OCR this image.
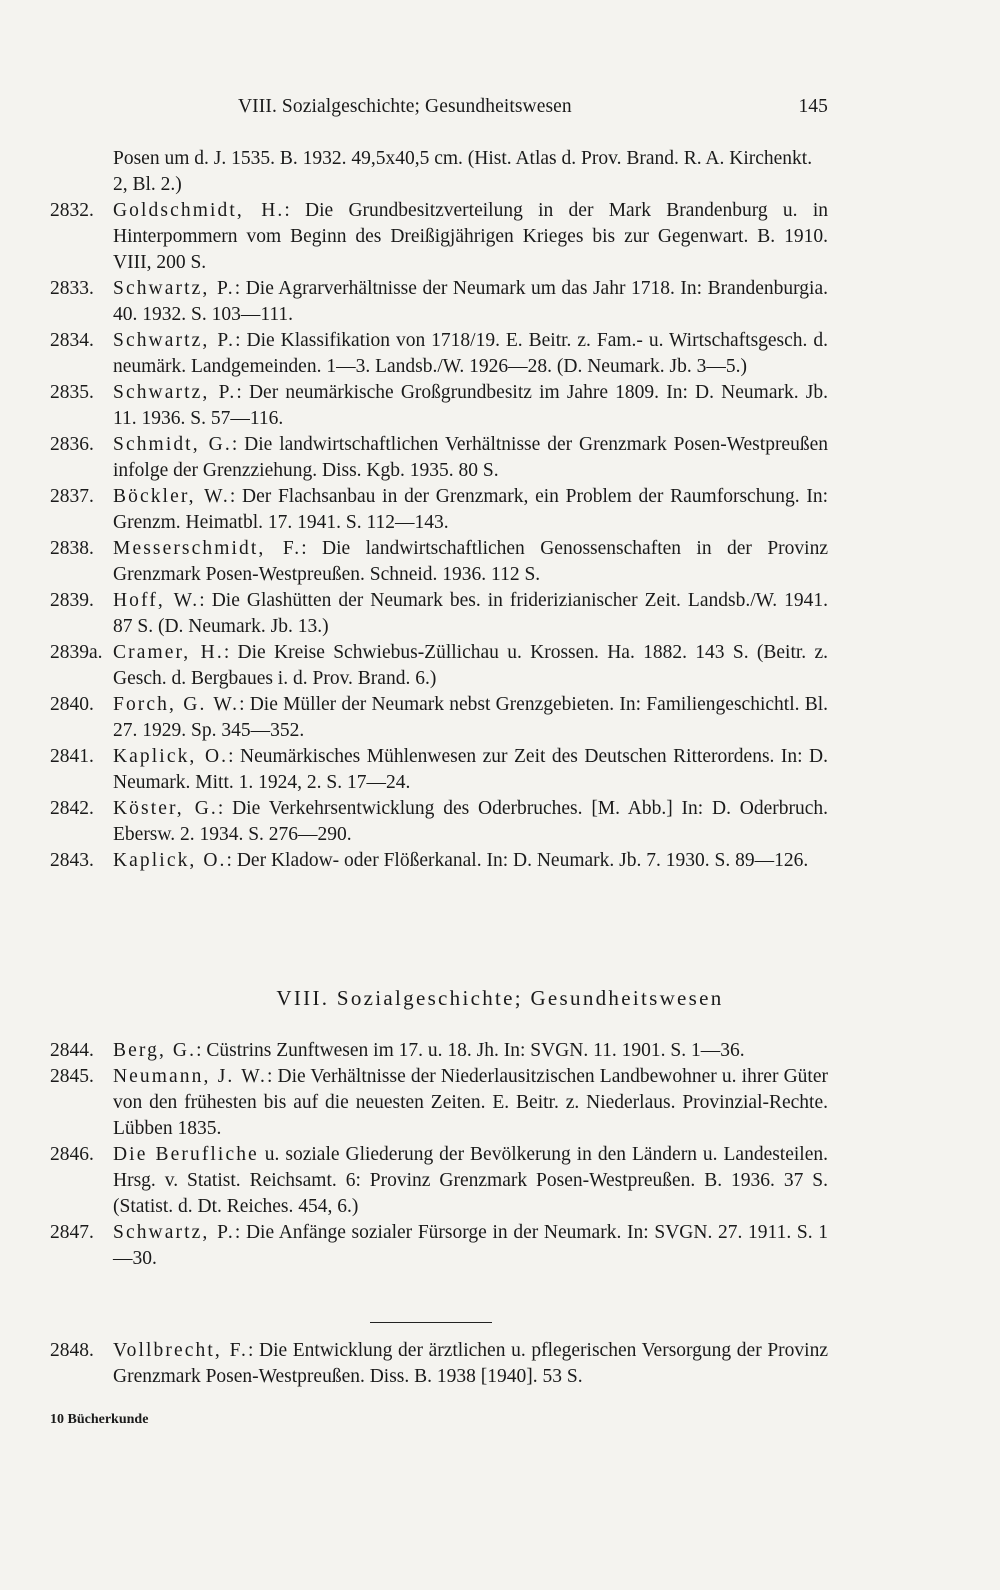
VIII. Sozialgeschichte; Gesundheitswesen	145
Posen um d. J. 1535. B. 1932. 49,5x40,5 cm. (Hist. Atlas d. Prov. Brand. R. A. Kirchenkt. 2, Bl. 2.)
2832. Goldschmidt, H.: Die Grundbesitzverteilung in der Mark Brandenburg u. in Hinterpommern vom Beginn des Dreißigjährigen Krieges bis zur Gegenwart. B. 1910. VIII, 200 S.
2833. Schwartz, P.: Die Agrarverhältnisse der Neumark um das Jahr 1718. In: Brandenburgia. 40. 1932. S. 103—111.
2834. Schwartz, P.: Die Klassifikation von 1718/19. E. Beitr. z. Fam.- u. Wirtschaftsgesch. d. neumärk. Landgemeinden. 1—3. Landsb./W. 1926—28. (D. Neumark. Jb. 3—5.)
2835. Schwartz, P.: Der neumärkische Großgrundbesitz im Jahre 1809. In: D. Neumark. Jb. 11. 1936. S. 57—116.
2836. Schmidt, G.: Die landwirtschaftlichen Verhältnisse der Grenzmark Posen-Westpreußen infolge der Grenzziehung. Diss. Kgb. 1935. 80 S.
2837. Böckler, W.: Der Flachsanbau in der Grenzmark, ein Problem der Raumforschung. In: Grenzm. Heimatbl. 17. 1941. S. 112—143.
2838. Messerschmidt, F.: Die landwirtschaftlichen Genossenschaften in der Provinz Grenzmark Posen-Westpreußen. Schneid. 1936. 112 S.
2839. Hoff, W.: Die Glashütten der Neumark bes. in friderizianischer Zeit. Landsb./W. 1941. 87 S. (D. Neumark. Jb. 13.)
2839a. Cramer, H.: Die Kreise Schwiebus-Züllichau u. Krossen. Ha. 1882. 143 S. (Beitr. z. Gesch. d. Bergbaues i. d. Prov. Brand. 6.)
2840. Forch, G. W.: Die Müller der Neumark nebst Grenzgebieten. In: Familiengeschichtl. Bl. 27. 1929. Sp. 345—352.
2841. Kaplick, O.: Neumärkisches Mühlenwesen zur Zeit des Deutschen Ritterordens. In: D. Neumark. Mitt. 1. 1924, 2. S. 17—24.
2842. Köster, G.: Die Verkehrsentwicklung des Oderbruches. [M. Abb.] In: D. Oderbruch. Ebersw. 2. 1934. S. 276—290.
2843. Kaplick, O.: Der Kladow- oder Flößerkanal. In: D. Neumark. Jb. 7. 1930. S. 89—126.
VIII. Sozialgeschichte; Gesundheitswesen
2844. Berg, G.: Cüstrins Zunftwesen im 17. u. 18. Jh. In: SVGN. 11. 1901. S. 1—36.
2845. Neumann, J. W.: Die Verhältnisse der Niederlausitzischen Landbewohner u. ihrer Güter von den frühesten bis auf die neuesten Zeiten. E. Beitr. z. Niederlaus. Provinzial-Rechte. Lübben 1835.
2846. Die Berufliche u. soziale Gliederung der Bevölkerung in den Ländern u. Landesteilen. Hrsg. v. Statist. Reichsamt. 6: Provinz Grenzmark Posen-Westpreußen. B. 1936. 37 S. (Statist. d. Dt. Reiches. 454, 6.)
2847. Schwartz, P.: Die Anfänge sozialer Fürsorge in der Neumark. In: SVGN. 27. 1911. S. 1—30.
2848. Vollbrecht, F.: Die Entwicklung der ärztlichen u. pflegerischen Versorgung der Provinz Grenzmark Posen-Westpreußen. Diss. B. 1938 [1940]. 53 S.
10 Bücherkunde
